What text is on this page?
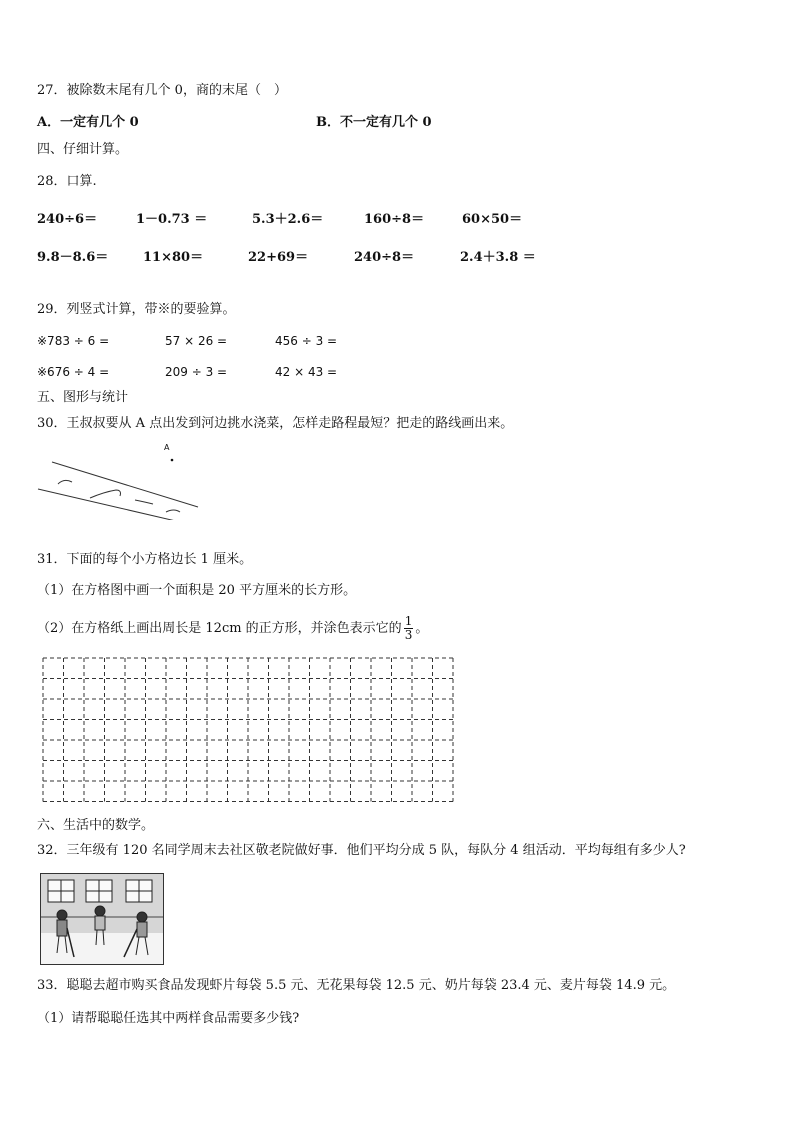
27．被除数末尾有几个 0，商的末尾（　）
A．一定有几个 0	B．不一定有几个 0
四、仔细计算。
28．口算.
240÷6＝	1－0.73 ＝	5.3＋2.6＝	160÷8＝	60×50＝
9.8－8.6＝	11×80＝	22+69＝	240÷8＝	2.4＋3.8 ＝
29．列竖式计算，带※的要验算。
※783 ÷ 6 =	57 × 26 =	456 ÷ 3 =
※676 ÷ 4 =	209 ÷ 3 =	42 × 43 =
五、图形与统计
30．王叔叔要从 A 点出发到河边挑水浇菜，怎样走路程最短？把走的路线画出来。
A
31．下面的每个小方格边长 1 厘米。
（1）在方格图中画一个面积是 20 平方厘米的长方形。
（2）在方格纸上画出周长是 12cm 的正方形，并涂色表示它的 $\frac{1}{3}$ 。
六、生活中的数学。
32．三年级有 120 名同学周末去社区敬老院做好事．他们平均分成 5 队，每队分 4 组活动．平均每组有多少人?
33．聪聪去超市购买食品发现虾片每袋 5.5 元、无花果每袋 12.5 元、奶片每袋 23.4 元、麦片每袋 14.9 元。
（1）请帮聪聪任选其中两样食品需要多少钱?
